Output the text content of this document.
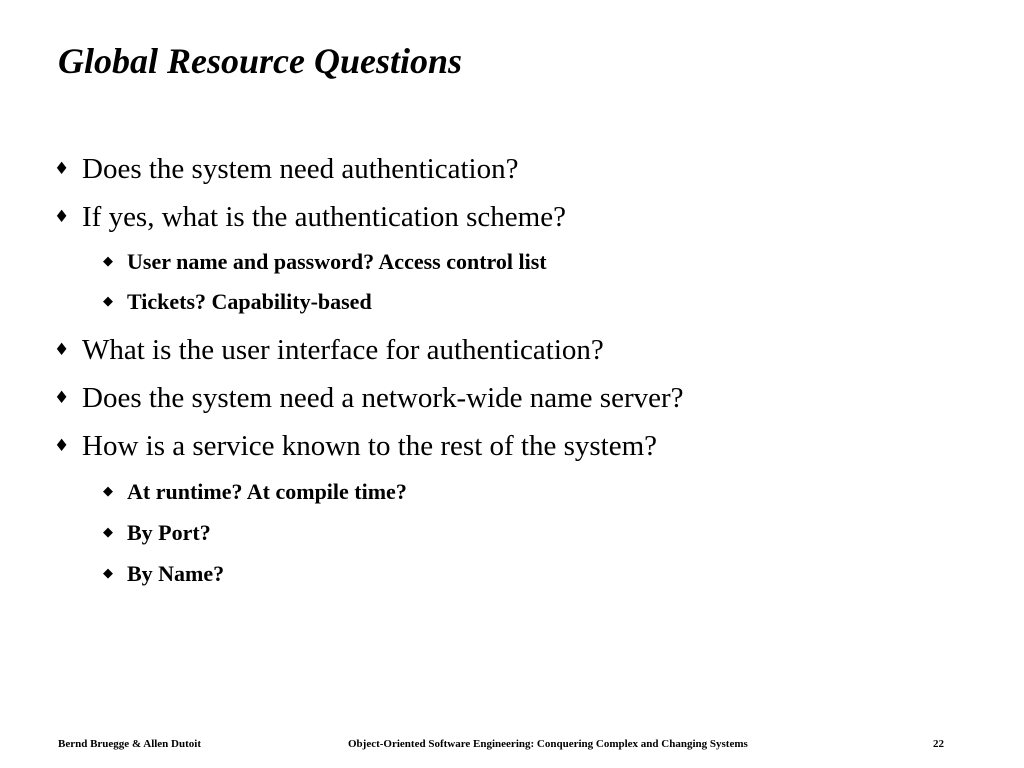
Global Resource Questions
♦ Does the system need authentication?
♦ If yes, what is the authentication scheme?
◆ User name and password? Access control list
◆ Tickets? Capability-based
♦ What is the user interface for authentication?
♦ Does the system need a network-wide name server?
♦ How is a service known to the rest of the system?
◆ At runtime? At compile time?
◆ By Port?
◆ By Name?
Bernd Bruegge & Allen Dutoit	Object-Oriented Software Engineering: Conquering Complex and Changing Systems	22
